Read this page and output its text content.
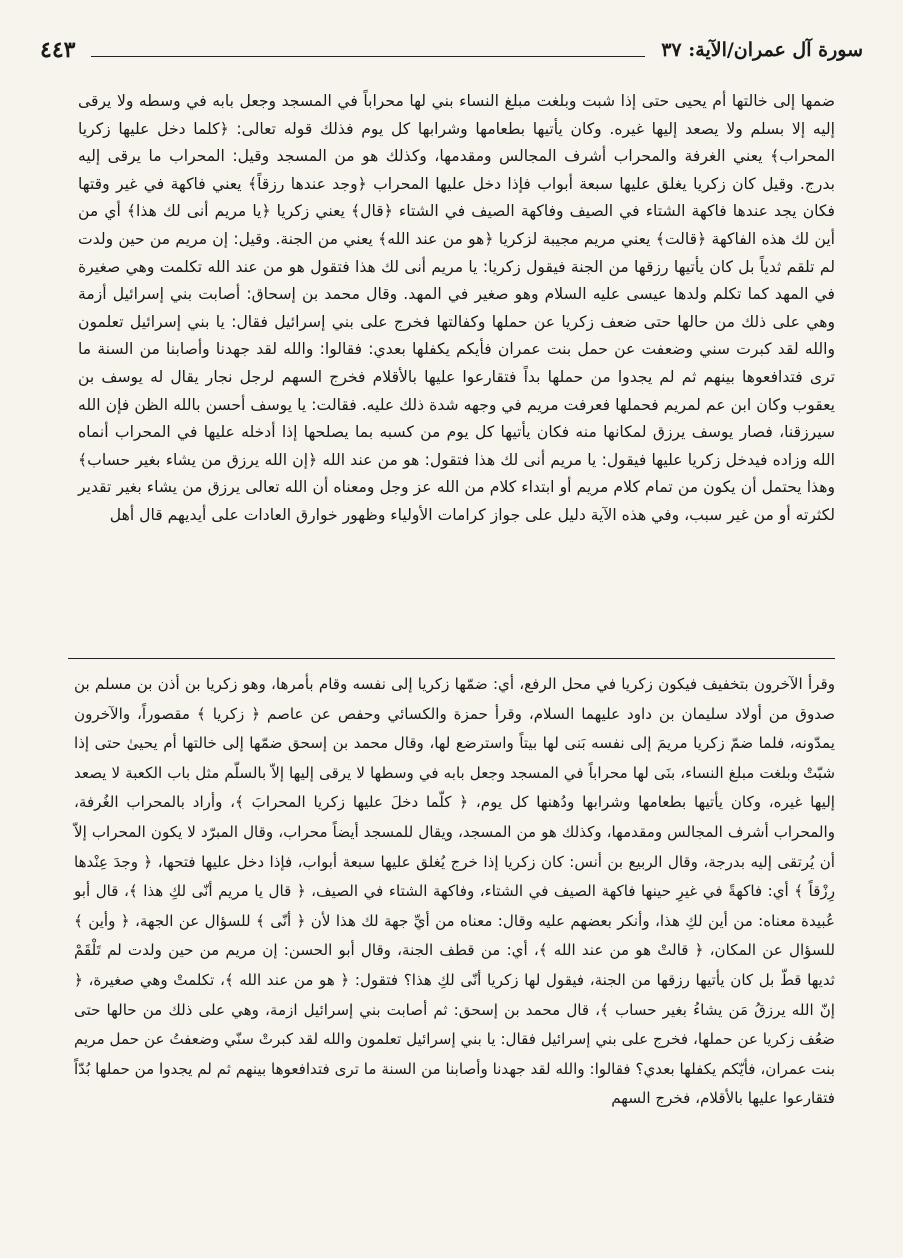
سورة آل عمران/الآية: ٣٧
٤٤٣

ضمها إلى خالتها أم يحيى حتى إذا شبت وبلغت مبلغ النساء بني لها محراباً في المسجد وجعل بابه في وسطه ولا يرقى إليه إلا بسلم ولا يصعد إليها غيره. وكان يأتيها بطعامها وشرابها كل يوم فذلك قوله تعالى: ﴿كلما دخل عليها زكريا المحراب﴾ يعني الغرفة والمحراب أشرف المجالس ومقدمها، وكذلك هو من المسجد وقيل: المحراب ما يرقى إليه بدرج. وقيل كان زكريا يغلق عليها سبعة أبواب فإذا دخل عليها المحراب ﴿وجد عندها رزقاً﴾ يعني فاكهة في غير وقتها فكان يجد عندها فاكهة الشتاء في الصيف وفاكهة الصيف في الشتاء ﴿قال﴾ يعني زكريا ﴿يا مريم أنى لك هذا﴾ أي من أين لك هذه الفاكهة ﴿قالت﴾ يعني مريم مجيبة لزكريا ﴿هو من عند الله﴾ يعني من الجنة. وقيل: إن مريم من حين ولدت لم تلقم ثدياً بل كان يأتيها رزقها من الجنة فيقول زكريا: يا مريم أنى لك هذا فتقول هو من عند الله تكلمت وهي صغيرة في المهد كما تكلم ولدها عيسى عليه السلام وهو صغير في المهد. وقال محمد بن إسحاق: أصابت بني إسرائيل أزمة وهي على ذلك من حالها حتى ضعف زكريا عن حملها وكفالتها فخرج على بني إسرائيل فقال: يا بني إسرائيل تعلمون والله لقد كبرت سني وضعفت عن حمل بنت عمران فأيكم يكفلها بعدي: فقالوا: والله لقد جهدنا وأصابنا من السنة ما ترى فتدافعوها بينهم ثم لم يجدوا من حملها بداً فتقارعوا عليها بالأقلام فخرج السهم لرجل نجار يقال له يوسف بن يعقوب وكان ابن عم لمريم فحملها فعرفت مريم في وجهه شدة ذلك عليه. فقالت: يا يوسف أحسن بالله الظن فإن الله سيرزقنا، فصار يوسف يرزق لمكانها منه فكان يأتيها كل يوم من كسبه بما يصلحها إذا أدخله عليها في المحراب أنماه الله وزاده فيدخل زكريا عليها فيقول: يا مريم أنى لك هذا فتقول: هو من عند الله ﴿إن الله يرزق من يشاء بغير حساب﴾ وهذا يحتمل أن يكون من تمام كلام مريم أو ابتداء كلام من الله عز وجل ومعناه أن الله تعالى يرزق من يشاء بغير تقدير لكثرته أو من غير سبب، وفي هذه الآية دليل على جواز كرامات الأولياء وظهور خوارق العادات على أيديهم قال أهل

وقرأ الآخرون بتخفيف فيكون زكريا في محل الرفع، أي: ضمّها زكريا إلى نفسه وقام بأمرها، وهو زكريا بن أذن بن مسلم بن صدوق من أولاد سليمان بن داود عليهما السلام، وقرأ حمزة والكسائي وحفص عن عاصم ﴿ زكريا ﴾ مقصوراً، والآخرون يمدّونه، فلما ضمّ زكريا مريمَ إلى نفسه بَنى لها بيتاً واسترضع لها، وقال محمد بن إسحق ضمّها إلى خالتها أم يحيىٰ حتى إذا شبّتْ وبلغت مبلغ النساء، بنَى لها محراباً في المسجد وجعل بابه في وسطها لا يرقى إليها إلاّ بالسلّم مثل باب الكعبة لا يصعد إليها غيره، وكان يأتيها بطعامها وشرابها ودُهنها كل يوم، ﴿ كلّما دخلَ عليها زكريا المحرابَ ﴾، وأراد بالمحراب الغُرفة، والمحراب أشرف المجالس ومقدمها، وكذلك هو من المسجد، ويقال للمسجد أيضاً محراب، وقال المبرّد لا يكون المحراب إلاّ أن يُرتقى إليه بدرجة، وقال الربيع بن أنس: كان زكريا إذا خرج يُغلق عليها سبعة أبواب، فإذا دخل عليها فتحها، ﴿ وجدَ عِنْدها رِزْقاً ﴾ أي: فاكهةً في غيرِ حينها فاكهة الصيف في الشتاء، وفاكهة الشتاء في الصيف، ﴿ قال يا مريم أنّى لكِ هذا ﴾، قال أبو عُبيدة معناه: من أين لكِ هذا، وأنكر بعضهم عليه وقال: معناه من أيِّ جهة لك هذا لأن ﴿ أنّى ﴾ للسؤال عن الجهة، ﴿ وأين ﴾للسؤال عن المكان، ﴿ قالتْ هو من عند الله ﴾، أي: من قطف الجنة، وقال أبو الحسن: إن مريم من حين ولدت لم تَلْقَمْ ثديها قطّ بل كان يأتيها رزقها من الجنة، فيقول لها زكريا أنّى لكِ هذا؟ فتقول: ﴿ هو من عند الله ﴾، تكلمتْ وهي صغيرة، ﴿ إنّ الله يرزقُ مَن يشاءُ بغير حساب ﴾، قال محمد بن إسحق: ثم أصابت بني إسرائيل ازمة، وهي على ذلك من حالها حتى ضعُف زكريا عن حملها، فخرج على بني إسرائيل فقال: يا بني إسرائيل تعلمون والله لقد كبرتْ سنّي وضعفتُ عن حمل مريم بنت عمران، فأيّكم يكفلها بعدي؟ فقالوا: والله لقد جهدنا وأصابنا من السنة ما ترى فتدافعوها بينهم ثم لم يجدوا من حملها بُدّاً فتقارعوا عليها بالأقلام، فخرج السهم
